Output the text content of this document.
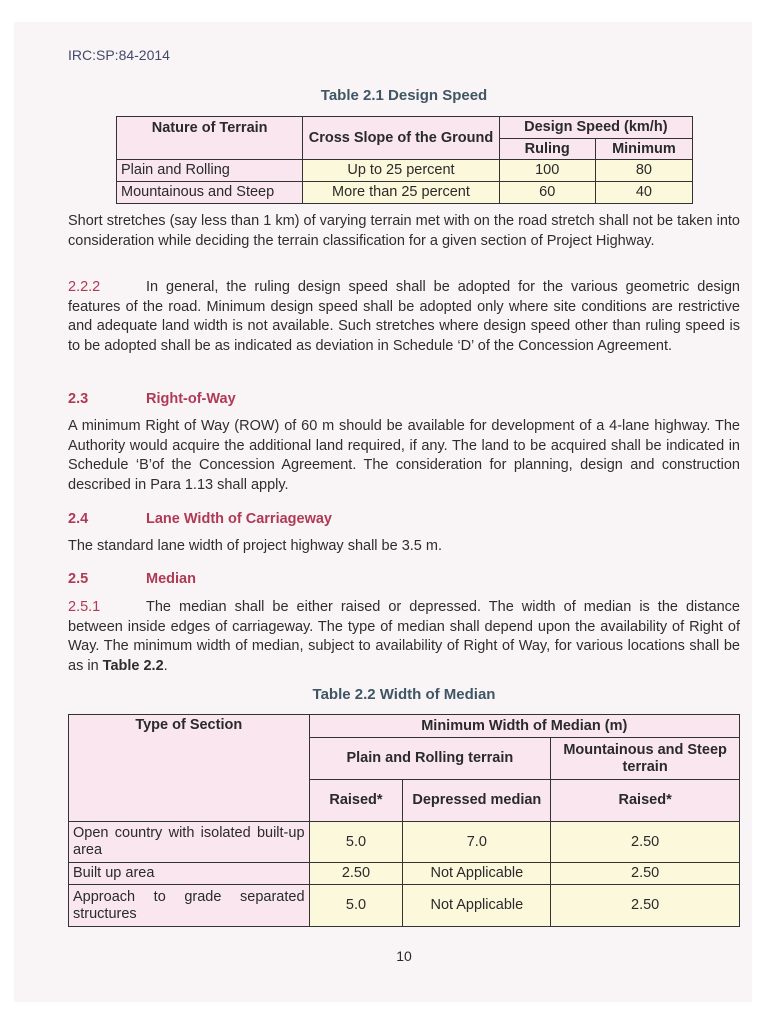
IRC:SP:84-2014
Table 2.1 Design Speed
Nature of Terrain	Cross Slope of the Ground	Design Speed (km/h)	
		Ruling	Minimum
Plain and Rolling	Up to 25 percent	100	80
Mountainous and Steep	More than 25 percent	60	40
Short stretches (say less than 1 km) of varying terrain met with on the road stretch shall not be taken into consideration while deciding the terrain classification for a given section of Project Highway.
2.2.2	In general, the ruling design speed shall be adopted for the various geometric design features of the road. Minimum design speed shall be adopted only where site conditions are restrictive and adequate land width is not available. Such stretches where design speed other than ruling speed is to be adopted shall be as indicated as deviation in Schedule ‘D’ of the Concession Agreement.
2.3	Right-of-Way
A minimum Right of Way (ROW) of 60 m should be available for development of a 4-lane highway. The Authority would acquire the additional land required, if any. The land to be acquired shall be indicated in Schedule ‘B’of the Concession Agreement. The consideration for planning, design and construction described in Para 1.13 shall apply.
2.4	Lane Width of Carriageway
The standard lane width of project highway shall be 3.5 m.
2.5	Median
2.5.1	The median shall be either raised or depressed. The width of median is the distance between inside edges of carriageway. The type of median shall depend upon the availability of Right of Way. The minimum width of median, subject to availability of Right of Way, for various locations shall be as in Table 2.2.
Table 2.2 Width of Median
Type of Section	Minimum Width of Median (m)		
	Plain and Rolling terrain		Mountainous and Steep terrain
	Raised*	Depressed median	Raised*
Open country with isolated built-up area	5.0	7.0	2.50
Built up area	2.50	Not Applicable	2.50
Approach to grade separated structures	5.0	Not Applicable	2.50
10
